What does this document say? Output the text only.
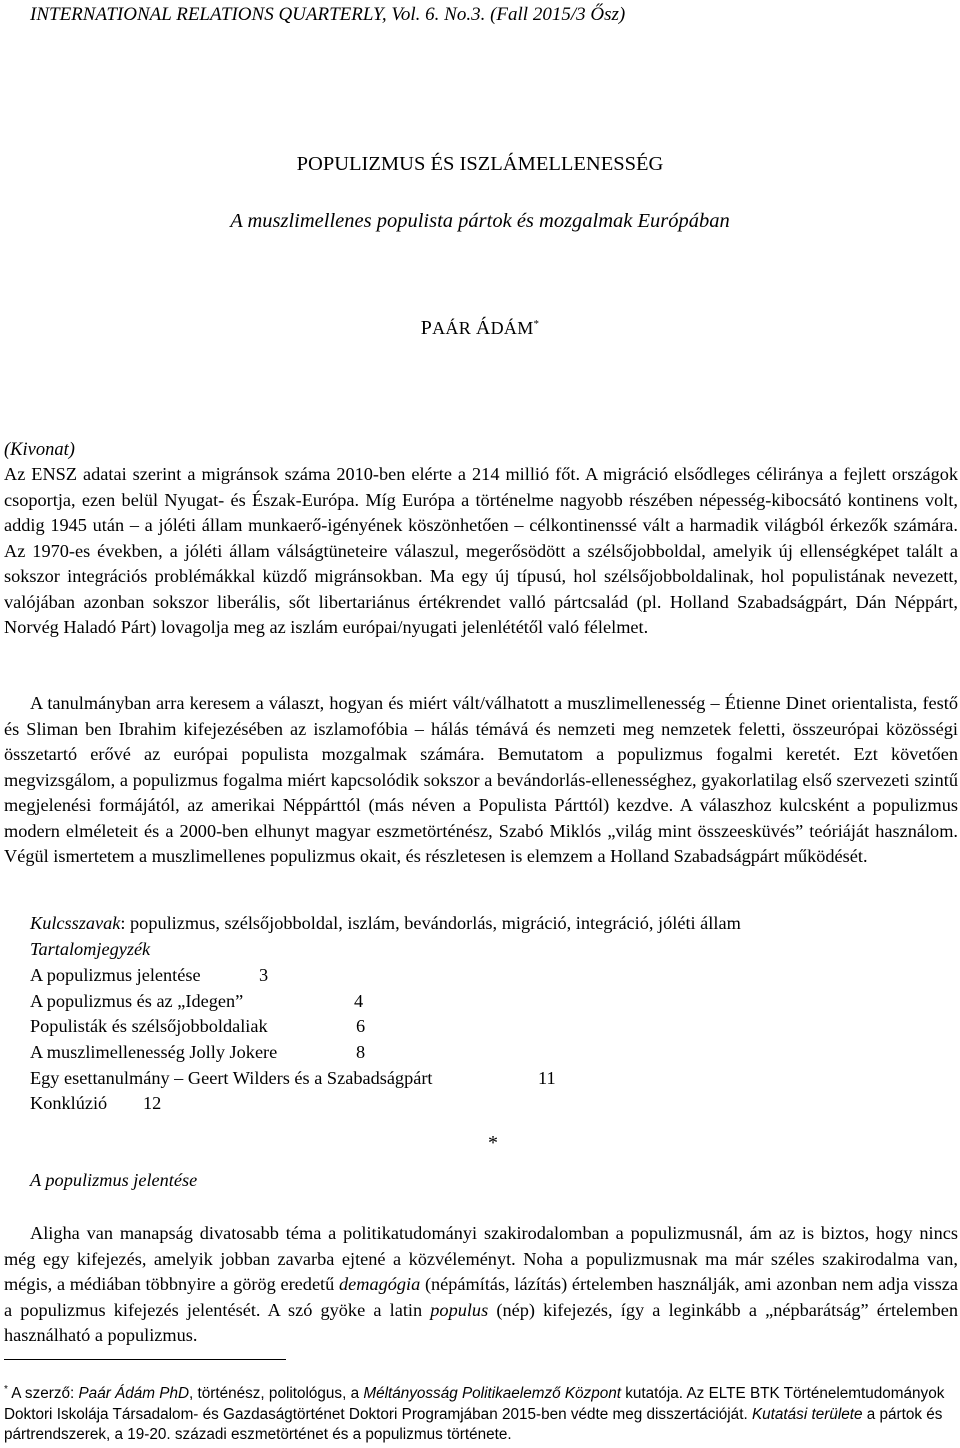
INTERNATIONAL RELATIONS QUARTERLY, Vol. 6. No.3. (Fall 2015/3 Ősz)
POPULIZMUS ÉS ISZLÁMELLENESSÉG
A muszlimellenes populista pártok és mozgalmak Európában
PAÁR ÁDÁM*
(Kivonat)

Az ENSZ adatai szerint a migránsok száma 2010-ben elérte a 214 millió főt. A migráció elsődleges céliránya a fejlett országok csoportja, ezen belül Nyugat- és Észak-Európa. Míg Európa a történelme nagyobb részében népesség-kibocsátó kontinens volt, addig 1945 után – a jóléti állam munkaerő-igényének köszönhetően – célkontinenssé vált a harmadik világból érkezők számára. Az 1970-es években, a jóléti állam válságtüneteire válaszul, megerősödött a szélsőjobboldal, amelyik új ellenségképet talált a sokszor integrációs problémákkal küzdő migránsokban. Ma egy új típusú, hol szélsőjobboldalinak, hol populistának nevezett, valójában azonban sokszor liberális, sőt libertariánus értékrendet valló pártcsalád (pl. Holland Szabadságpárt, Dán Néppárt, Norvég Haladó Párt) lovagolja meg az iszlám európai/nyugati jelenlététől való félelmet.

A tanulmányban arra keresem a választ, hogyan és miért vált/válhatott a muszlimellenesség – Étienne Dinet orientalista, festő és Sliman ben Ibrahim kifejezésében az iszlamofóbia – hálás témává és nemzeti meg nemzetek feletti, összeurópai közösségi összetartó erővé az európai populista mozgalmak számára. Bemutatom a populizmus fogalmi keretét. Ezt követően megvizsgálom, a populizmus fogalma miért kapcsolódik sokszor a bevándorlás-ellenességhez, gyakorlatilag első szervezeti szintű megjelenési formájától, az amerikai Néppárttól (más néven a Populista Párttól) kezdve. A válaszhoz kulcsként a populizmus modern elméleteit és a 2000-ben elhunyt magyar eszmetörténész, Szabó Miklós „világ mint összeesküvés” teóriáját használom. Végül ismertetem a muszlimellenes populizmus okait, és részletesen is elemzem a Holland Szabadságpárt működését.

Kulcsszavak: populizmus, szélsőjobboldal, iszlám, bevándorlás, migráció, integráció, jóléti állam
Tartalomjegyzék
A populizmus jelentése	3
A populizmus és az „Idegen”	4
Populisták és szélsőjobboldaliak	6
A muszlimellenesség Jolly Jokere	8
Egy esettanulmány – Geert Wilders és a Szabadságpárt	11
Konklúzió 12
*
A populizmus jelentése

Aligha van manapság divatosabb téma a politikatudományi szakirodalomban a populizmusnál, ám az is biztos, hogy nincs még egy kifejezés, amelyik jobban zavarba ejtené a közvéleményt. Noha a populizmusnak ma már széles szakirodalma van, mégis, a médiában többnyire a görög eredetű demagógia (népámítás, lázítás) értelemben használják, ami azonban nem adja vissza a populizmus kifejezés jelentését. A szó gyöke a latin populus (nép) kifejezés, így a leginkább a „népbarátság” értelemben használható a populizmus.

* A szerző: Paár Ádám PhD, történész, politológus, a Méltányosság Politikaelemző Központ kutatója. Az ELTE BTK Történelemtudományok Doktori Iskolája Társadalom- és Gazdaságtörténet Doktori Programjában 2015-ben védte meg disszertációját. Kutatási területe a pártok és pártrendszerek, a 19-20. századi eszmetörténet és a populizmus története.
